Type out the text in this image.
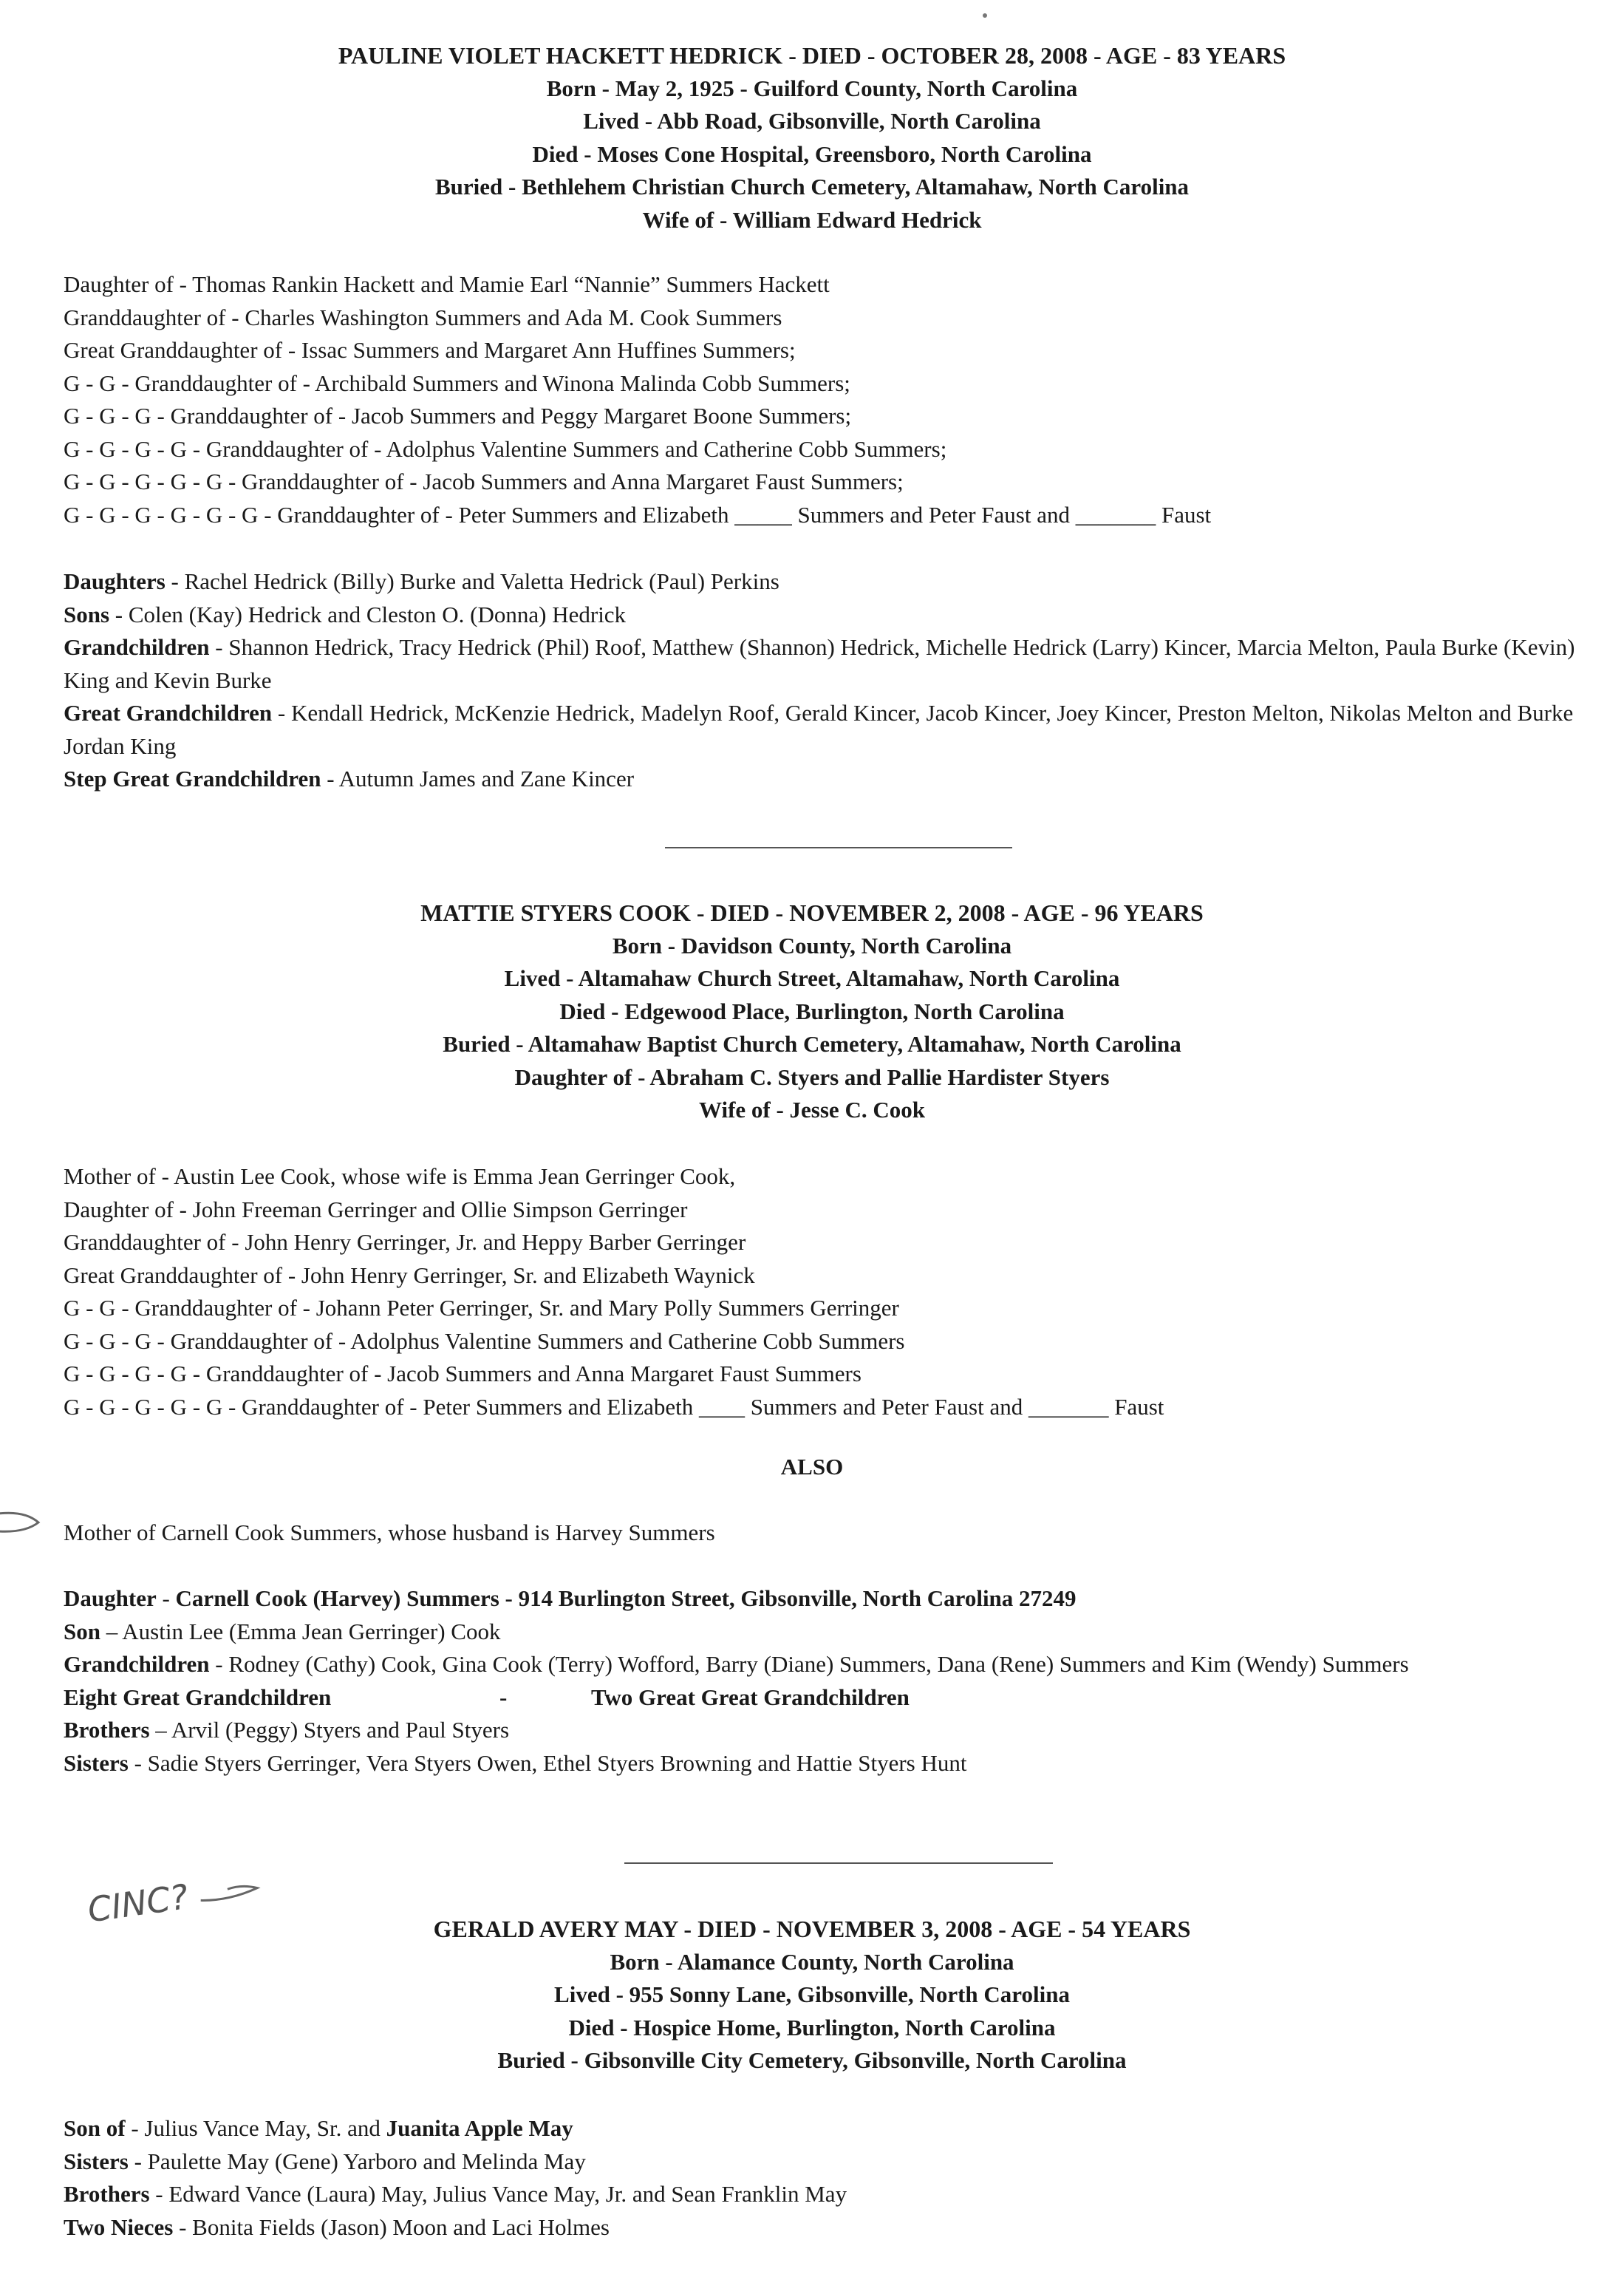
PAULINE VIOLET HACKETT HEDRICK - DIED - OCTOBER 28, 2008 - AGE - 83 YEARS
Born - May 2, 1925 - Guilford County, North Carolina
Lived - Abb Road, Gibsonville, North Carolina
Died - Moses Cone Hospital, Greensboro, North Carolina
Buried - Bethlehem Christian Church Cemetery, Altamahaw, North Carolina
Wife of - William Edward Hedrick
Daughter of - Thomas Rankin Hackett and Mamie Earl “Nannie” Summers Hackett
Granddaughter of - Charles Washington Summers and Ada M. Cook Summers
Great Granddaughter of - Issac Summers and Margaret Ann Huffines Summers;
G - G - Granddaughter of - Archibald Summers and Winona Malinda Cobb Summers;
G - G - G - Granddaughter of - Jacob Summers and Peggy Margaret Boone Summers;
G - G - G - G - Granddaughter of - Adolphus Valentine Summers and Catherine Cobb Summers;
G - G - G - G - G - Granddaughter of - Jacob Summers and Anna Margaret Faust Summers;
G - G - G - G - G - G - Granddaughter of - Peter Summers and Elizabeth _____ Summers and Peter Faust and _______ Faust
Daughters - Rachel Hedrick (Billy) Burke and Valetta Hedrick (Paul) Perkins
Sons - Colen (Kay) Hedrick and Cleston O. (Donna) Hedrick
Grandchildren - Shannon Hedrick, Tracy Hedrick (Phil) Roof, Matthew (Shannon) Hedrick, Michelle Hedrick (Larry) Kincer, Marcia Melton, Paula Burke (Kevin) King and Kevin Burke
Great Grandchildren - Kendall Hedrick, McKenzie Hedrick, Madelyn Roof, Gerald Kincer, Jacob Kincer, Joey Kincer, Preston Melton, Nikolas Melton and Burke Jordan King
Step Great Grandchildren - Autumn James and Zane Kincer
MATTIE STYERS COOK - DIED - NOVEMBER 2, 2008 - AGE - 96 YEARS
Born - Davidson County, North Carolina
Lived - Altamahaw Church Street, Altamahaw, North Carolina
Died - Edgewood Place, Burlington, North Carolina
Buried - Altamahaw Baptist Church Cemetery, Altamahaw, North Carolina
Daughter of - Abraham C. Styers and Pallie Hardister Styers
Wife of - Jesse C. Cook
Mother of - Austin Lee Cook, whose wife is Emma Jean Gerringer Cook,
Daughter of - John Freeman Gerringer and Ollie Simpson Gerringer
Granddaughter of - John Henry Gerringer, Jr. and Heppy Barber Gerringer
Great Granddaughter of - John Henry Gerringer, Sr. and Elizabeth Waynick
G - G - Granddaughter of - Johann Peter Gerringer, Sr. and Mary Polly Summers Gerringer
G - G - G - Granddaughter of - Adolphus Valentine Summers and Catherine Cobb Summers
G - G - G - G - Granddaughter of - Jacob Summers and Anna Margaret Faust Summers
G - G - G - G - G - Granddaughter of - Peter Summers and Elizabeth ____ Summers and Peter Faust and _______ Faust
ALSO
Mother of Carnell Cook Summers, whose husband is Harvey Summers
Daughter - Carnell Cook (Harvey) Summers - 914 Burlington Street, Gibsonville, North Carolina 27249
Son – Austin Lee (Emma Jean Gerringer) Cook
Grandchildren - Rodney (Cathy) Cook, Gina Cook (Terry) Wofford, Barry (Diane) Summers, Dana (Rene) Summers and Kim (Wendy) Summers
Eight Great Grandchildren	-	Two Great Great Grandchildren
Brothers – Arvil (Peggy) Styers and Paul Styers
Sisters - Sadie Styers Gerringer, Vera Styers Owen, Ethel Styers Browning and Hattie Styers Hunt
CINC?	GERALD AVERY MAY - DIED - NOVEMBER 3, 2008 - AGE - 54 YEARS
Born - Alamance County, North Carolina
Lived - 955 Sonny Lane, Gibsonville, North Carolina
Died - Hospice Home, Burlington, North Carolina
Buried - Gibsonville City Cemetery, Gibsonville, North Carolina
Son of - Julius Vance May, Sr. and Juanita Apple May
Sisters - Paulette May (Gene) Yarboro and Melinda May
Brothers - Edward Vance (Laura) May, Julius Vance May, Jr. and Sean Franklin May
Two Nieces - Bonita Fields (Jason) Moon and Laci Holmes
